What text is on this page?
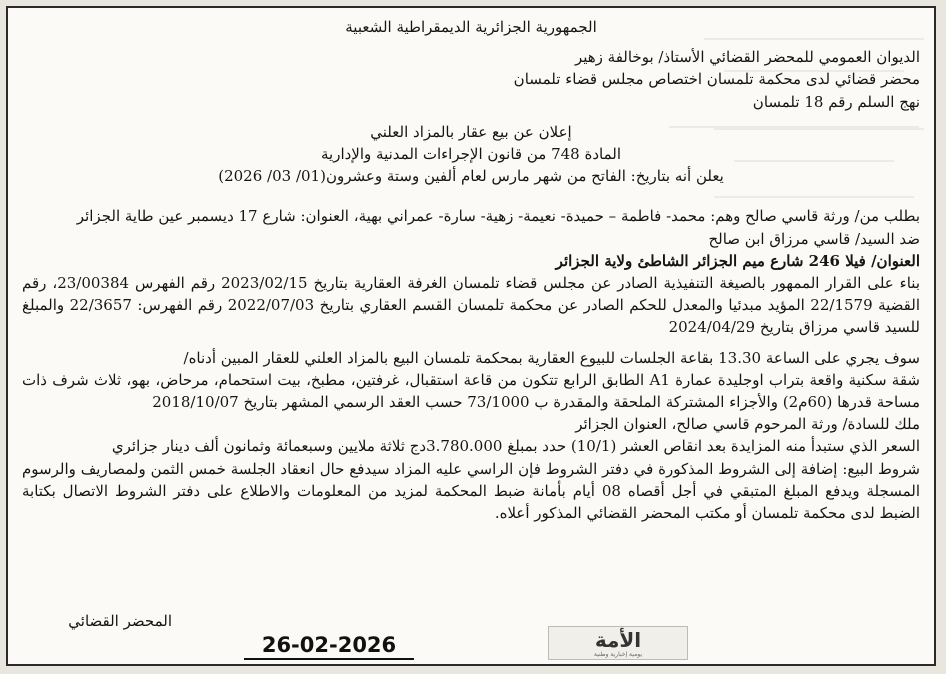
الجمهورية الجزائرية الديمقراطية الشعبية
الديوان العمومي للمحضر القضائي الأستاذ/ بوخالفة زهير
محضر قضائي لدى محكمة تلمسان اختصاص مجلس قضاء تلمسان
نهج السلم رقم 18 تلمسان
إعلان عن بيع عقار بالمزاد العلني
المادة 748 من قانون الإجراءات المدنية والإدارية
يعلن أنه بتاريخ: الفاتح من شهر مارس لعام ألفين وستة وعشرون(01/ 03/ 2026)

بطلب من/ ورثة قاسي صالح وهم: محمد- فاطمة – حميدة- نعيمة- زهية- سارة- عمراني بهية، العنوان: شارع 17 ديسمبر عين طاية الجزائر

ضد السيد/ قاسي مرزاق ابن صالح

العنوان/ فيلا 246 شارع ميم الجزائر الشاطئ ولاية الجزائر

بناء على القرار الممهور بالصيغة التنفيذية الصادر عن مجلس قضاء تلمسان الغرفة العقارية بتاريخ 2023/02/15 رقم الفهرس 23/00384، رقم القضية 22/1579 المؤيد مبدئيا والمعدل للحكم الصادر عن محكمة تلمسان القسم العقاري بتاريخ 2022/07/03 رقم الفهرس: 22/3657 والمبلغ للسيد قاسي مرزاق بتاريخ 2024/04/29

سوف يجري على الساعة 13.30 بقاعة الجلسات للبيوع العقارية بمحكمة تلمسان البيع بالمزاد العلني للعقار المبين أدناه/

شقة سكنية واقعة بتراب اوجليدة عمارة A1 الطابق الرابع تتكون من قاعة استقبال، غرفتين، مطبخ، بيت استحمام، مرحاض، بهو، ثلاث شرف ذات مساحة قدرها (60م2) والأجزاء المشتركة الملحقة والمقدرة ب 73/1000 حسب العقد الرسمي المشهر بتاريخ 2018/10/07

ملك للسادة/ ورثة المرحوم قاسي صالح، العنوان الجزائر

السعر الذي ستبدأ منه المزايدة بعد انقاص العشر (10/1) حدد بمبلغ 3.780.000دج ثلاثة ملايين وسبعمائة وثمانون ألف دينار جزائري

شروط البيع: إضافة إلى الشروط المذكورة في دفتر الشروط فإن الراسي عليه المزاد سيدفع حال انعقاد الجلسة خمس الثمن ولمصاريف والرسوم المسجلة ويدفع المبلغ المتبقي في أجل أقصاه 08 أيام بأمانة ضبط المحكمة لمزيد من المعلومات والاطلاع على دفتر الشروط الاتصال بكتابة الضبط لدى محكمة تلمسان أو مكتب المحضر القضائي المذكور أعلاه.

المحضر القضائي
26-02-2026	الأمة
يومية إخبارية وطنية
